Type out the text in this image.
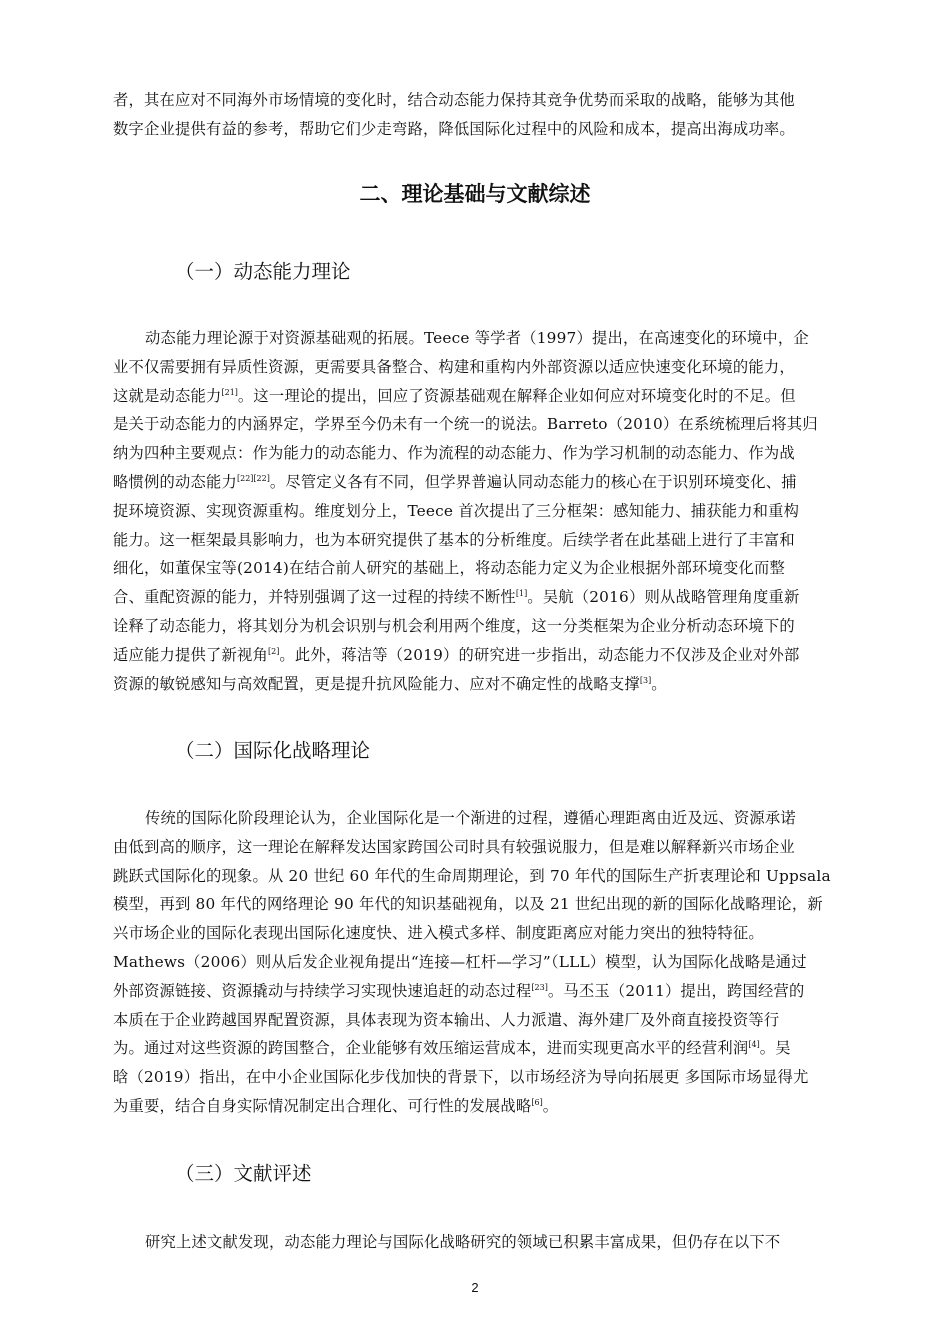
者，其在应对不同海外市场情境的变化时，结合动态能力保持其竞争优势而采取的战略，能够为其他
数字企业提供有益的参考，帮助它们少走弯路，降低国际化过程中的风险和成本，提高出海成功率。
二、理论基础与文献综述
（一）动态能力理论
动态能力理论源于对资源基础观的拓展。Teece 等学者（1997）提出，在高速变化的环境中，企
业不仅需要拥有异质性资源，更需要具备整合、构建和重构内外部资源以适应快速变化环境的能力，
这就是动态能力[21]。这一理论的提出，回应了资源基础观在解释企业如何应对环境变化时的不足。但
是关于动态能力的内涵界定，学界至今仍未有一个统一的说法。Barreto（2010）在系统梳理后将其归
纳为四种主要观点：作为能力的动态能力、作为流程的动态能力、作为学习机制的动态能力、作为战
略惯例的动态能力[22][22]。尽管定义各有不同，但学界普遍认同动态能力的核心在于识别环境变化、捕
捉环境资源、实现资源重构。维度划分上，Teece 首次提出了三分框架：感知能力、捕获能力和重构
能力。这一框架最具影响力，也为本研究提供了基本的分析维度。后续学者在此基础上进行了丰富和
细化，如董保宝等(2014)在结合前人研究的基础上，将动态能力定义为企业根据外部环境变化而整
合、重配资源的能力，并特别强调了这一过程的持续不断性[1]。吴航（2016）则从战略管理角度重新
诠释了动态能力，将其划分为机会识别与机会利用两个维度，这一分类框架为企业分析动态环境下的
适应能力提供了新视角[2]。此外，蒋洁等（2019）的研究进一步指出，动态能力不仅涉及企业对外部
资源的敏锐感知与高效配置，更是提升抗风险能力、应对不确定性的战略支撑[3]。
（二）国际化战略理论
传统的国际化阶段理论认为，企业国际化是一个渐进的过程，遵循心理距离由近及远、资源承诺
由低到高的顺序，这一理论在解释发达国家跨国公司时具有较强说服力，但是难以解释新兴市场企业
跳跃式国际化的现象。从 20 世纪 60 年代的生命周期理论，到 70 年代的国际生产折衷理论和 Uppsala
模型，再到 80 年代的网络理论 90 年代的知识基础视角，以及 21 世纪出现的新的国际化战略理论，新
兴市场企业的国际化表现出国际化速度快、进入模式多样、制度距离应对能力突出的独特特征。
Mathews（2006）则从后发企业视角提出“连接—杠杆—学习”（LLL）模型，认为国际化战略是通过
外部资源链接、资源撬动与持续学习实现快速追赶的动态过程[23]。马丕玉（2011）提出，跨国经营的
本质在于企业跨越国界配置资源，具体表现为资本输出、人力派遣、海外建厂及外商直接投资等行
为。通过对这些资源的跨国整合，企业能够有效压缩运营成本，进而实现更高水平的经营利润[4]。吴
晗（2019）指出，在中小企业国际化步伐加快的背景下，以市场经济为导向拓展更 多国际市场显得尤
为重要，结合自身实际情况制定出合理化、可行性的发展战略[6]。
（三）文献评述
研究上述文献发现，动态能力理论与国际化战略研究的领域已积累丰富成果，但仍存在以下不
2
